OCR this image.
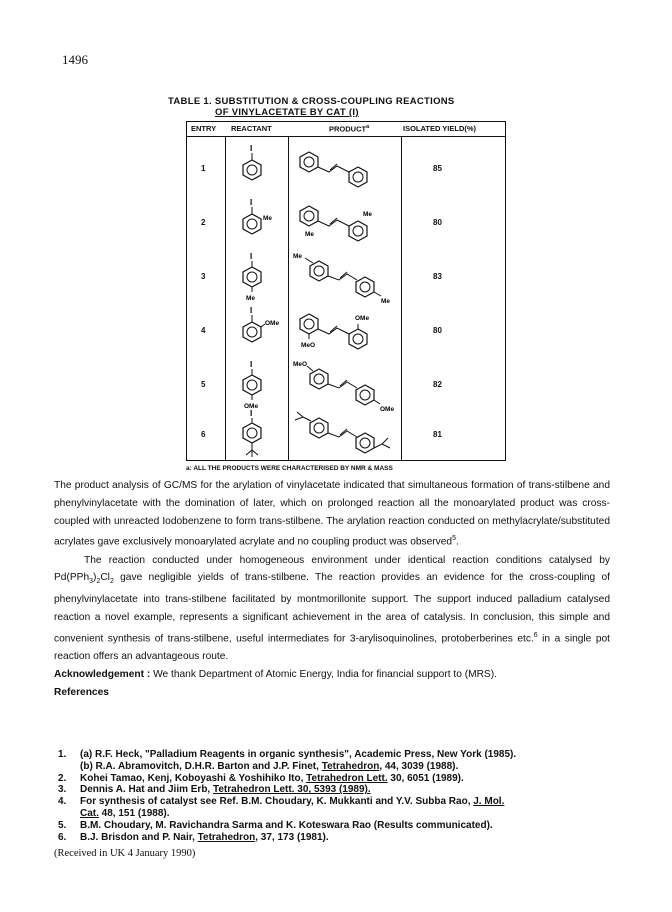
1496
TABLE 1. SUBSTITUTION & CROSS-COUPLING REACTIONS
OF VINYLACETATE BY CAT (I)
ENTRY REACTANT	PRODUCT$^a$	ISOLATED YIELD(%)
1
I
85
2
I
Me
Me
Me
80
3
I
Me
Me
Me
83
4
I
OMe
MeO
OMe
80
5
I
OMe
MeO
OMe
82
6
I
81
a: ALL THE PRODUCTS WERE CHARACTERISED BY NMR & MASS

The product analysis of GC/MS for the arylation of vinylacetate indicated that simultaneous formation of trans-stilbene and phenylvinylacetate with the domination of later, which on prolonged reaction all the monoarylated product was cross-coupled with unreacted Iodobenzene to form trans-stilbene. The arylation reaction conducted on methylacrylate/substituted acrylates gave exclusively monoarylated acrylate and no coupling product was observed$^5$.

The reaction conducted under homogeneous environment under identical reaction conditions catalysed by $Pd(PPh_3)_2Cl_2$ gave negligible yields of trans-stilbene. The reaction provides an evidence for the cross-coupling of phenylvinylacetate into trans-stilbene facilitated by montmorillonite support. The support induced palladium catalysed reaction a novel example, represents a significant achievement in the area of catalysis. In conclusion, this simple and convenient synthesis of trans-stilbene, useful intermediates for 3-arylisoquinolines, protoberberines etc.$^6$ in a single pot reaction offers an advantageous route.

Acknowledgement : We thank Department of Atomic Energy, India for financial support to (MRS).

References

1. (a) R.F. Heck, "Palladium Reagents in organic synthesis", Academic Press, New York (1985).
(b) R.A. Abramovitch, D.H.R. Barton and J.P. Finet, Tetrahedron, 44, 3039 (1988).
2. Kohei Tamao, Kenj, Koboyashi & Yoshihiko Ito, Tetrahedron Lett. 30, 6051 (1989).
3. Dennis A. Hat and Jiim Erb, Tetrahedron Lett. 30, 5393 (1989).
4. For synthesis of catalyst see Ref. B.M. Choudary, K. Mukkanti and Y.V. Subba Rao, J. Mol.
Cat. 48, 151 (1988).
5. B.M. Choudary, M. Ravichandra Sarma and K. Koteswara Rao (Results communicated).
6. B.J. Brisdon and P. Nair, Tetrahedron, 37, 173 (1981).
(Received in UK 4 January 1990)
